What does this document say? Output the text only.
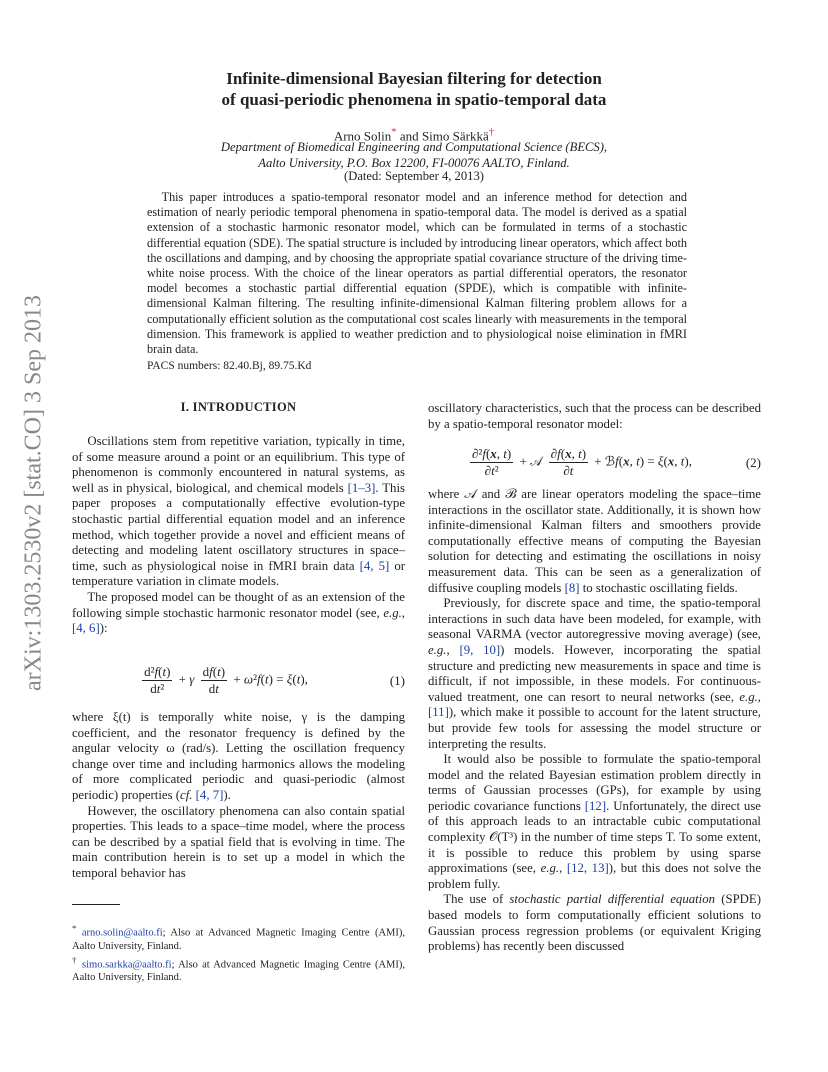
Infinite-dimensional Bayesian filtering for detection
of quasi-periodic phenomena in spatio-temporal data
Arno Solin* and Simo Särkkä†
Department of Biomedical Engineering and Computational Science (BECS),
Aalto University, P.O. Box 12200, FI-00076 AALTO, Finland.
(Dated: September 4, 2013)
This paper introduces a spatio-temporal resonator model and an inference method for detection and estimation of nearly periodic temporal phenomena in spatio-temporal data. The model is derived as a spatial extension of a stochastic harmonic resonator model, which can be formulated in terms of a stochastic differential equation (SDE). The spatial structure is included by introducing linear operators, which affect both the oscillations and damping, and by choosing the appropriate spatial covariance structure of the driving time-white noise process. With the choice of the linear operators as partial differential operators, the resonator model becomes a stochastic partial differential equation (SPDE), which is compatible with infinite-dimensional Kalman filtering. The resulting infinite-dimensional Kalman filtering problem allows for a computationally efficient solution as the computational cost scales linearly with measurements in the temporal dimension. This framework is applied to weather prediction and to physiological noise elimination in fMRI brain data.
PACS numbers: 82.40.Bj, 89.75.Kd
arXiv:1303.2530v2 [stat.CO] 3 Sep 2013	I. INTRODUCTION

Oscillations stem from repetitive variation, typically in time, of some measure around a point or an equilibrium. This type of phenomenon is commonly encountered in natural systems, as well as in physical, biological, and chemical models [1–3]. This paper proposes a computationally effective evolution-type stochastic partial differential equation model and an inference method, which together provide a novel and efficient means of detecting and modeling latent oscillatory structures in space–time, such as physiological noise in fMRI brain data [4, 5] or temperature variation in climate models.

The proposed model can be thought of as an extension of the following simple stochastic harmonic resonator model (see, e.g., [4, 6]):

$\frac{\text{d²f(t)}}{\text{dt²}} + \gamma \frac{df(t)}{dt} + \omega^2f(t) = \xi(t)$,	(1)

where ξ(t) is temporally white noise, γ is the damping coefficient, and the resonator frequency is defined by the angular velocity ω (rad/s). Letting the oscillation frequency change over time and including harmonics allows the modeling of more complicated periodic and quasi-periodic (almost periodic) properties (cf. [4, 7]).

However, the oscillatory phenomena can also contain spatial properties. This leads to a space–time model, where the process can be described by a spatial field that is evolving in time. The main contribution herein is to set up a model in which the temporal behavior has

* arno.solin@aalto.fi; Also at Advanced Magnetic Imaging Centre (AMI), Aalto University, Finland.

† simo.sarkka@aalto.fi; Also at Advanced Magnetic Imaging Centre (AMI), Aalto University, Finland.

oscillatory characteristics, such that the process can be described by a spatio-temporal resonator model:

$\frac{\text{∂²f(x, t)}}{\text{∂t²}}$ + 𝒜 $\frac{\partial f(x, t)}{\partial t}$ + ℬf(x, t) = ξ(x, t),	(2)

where 𝒜 and ℬ are linear operators modeling the space–time interactions in the oscillator state. Additionally, it is shown how infinite-dimensional Kalman filters and smoothers provide computationally effective means of computing the Bayesian solution for detecting and estimating the oscillations in noisy measurement data. This can be seen as a generalization of diffusive coupling models [8] to stochastic oscillating fields.

Previously, for discrete space and time, the spatio-temporal interactions in such data have been modeled, for example, with seasonal VARMA (vector autoregressive moving average) (see, e.g., [9, 10]) models. However, incorporating the spatial structure and predicting new measurements in space and time is difficult, if not impossible, in these models. For continuous-valued treatment, one can resort to neural networks (see, e.g., [11]), which make it possible to account for the latent structure, but provide few tools for assessing the model structure or interpreting the results.

It would also be possible to formulate the spatio-temporal model and the related Bayesian estimation problem directly in terms of Gaussian processes (GPs), for example by using periodic covariance functions [12]. Unfortunately, the direct use of this approach leads to an intractable cubic computational complexity 𝒪(T³) in the number of time steps T. To some extent, it is possible to reduce this problem by using sparse approximations (see, e.g., [12, 13]), but this does not solve the problem fully.

The use of stochastic partial differential equation (SPDE) based models to form computationally efficient solutions to Gaussian process regression problems (or equivalent Kriging problems) has recently been discussed
